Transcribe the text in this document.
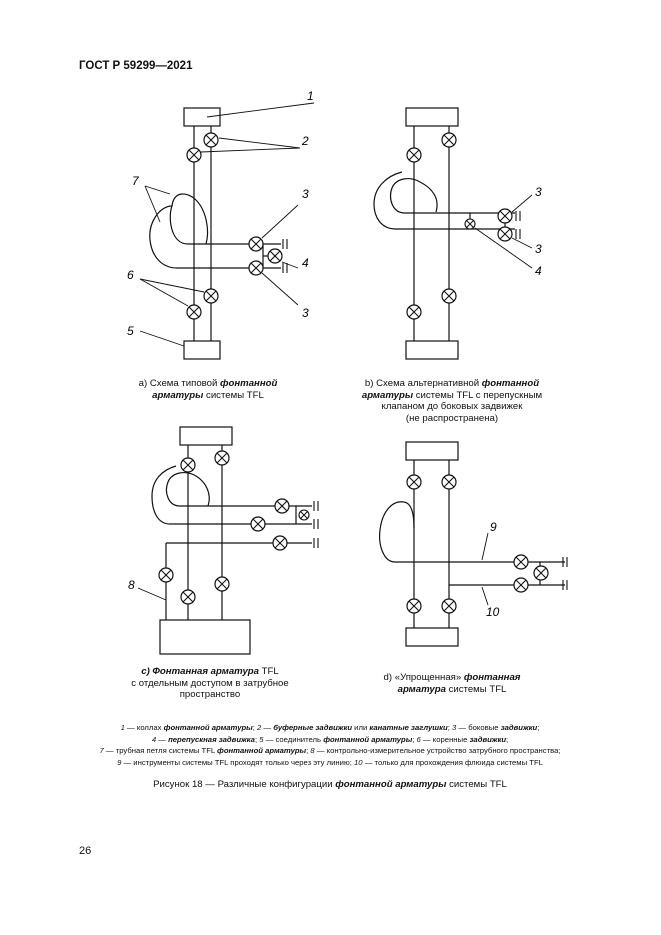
ГОСТ Р 59299—2021
1
2
7
3
4
3
6
5
3
3
4
8
9
10
a) Схема типовой фонтанной
арматуры системы TFL
b) Схема альтернативной фонтанной
арматуры системы TFL с перепускным
клапаном до боковых задвижек
(не распространена)
c) Фонтанная арматура TFL
с отдельным доступом в затрубное
пространство
d) «Упрощенная» фонтанная
арматура системы TFL
1 — коллах фонтанной арматуры; 2 — буферные задвижки или канатные заглушки; 3 — боковые задвижки;
4 — перепускная задвижка; 5 — соединитель фонтанной арматуры; 6 — коренные задвижки;
7 — трубная петля системы TFL фонтанной арматуры; 8 — контрольно-измерительное устройство затрубного пространства;
9 — инструменты системы TFL проходят только через эту линию; 10 — только для прохождения флюида системы TFL
Рисунок 18 — Различные конфигурации фонтанной арматуры системы TFL
26
